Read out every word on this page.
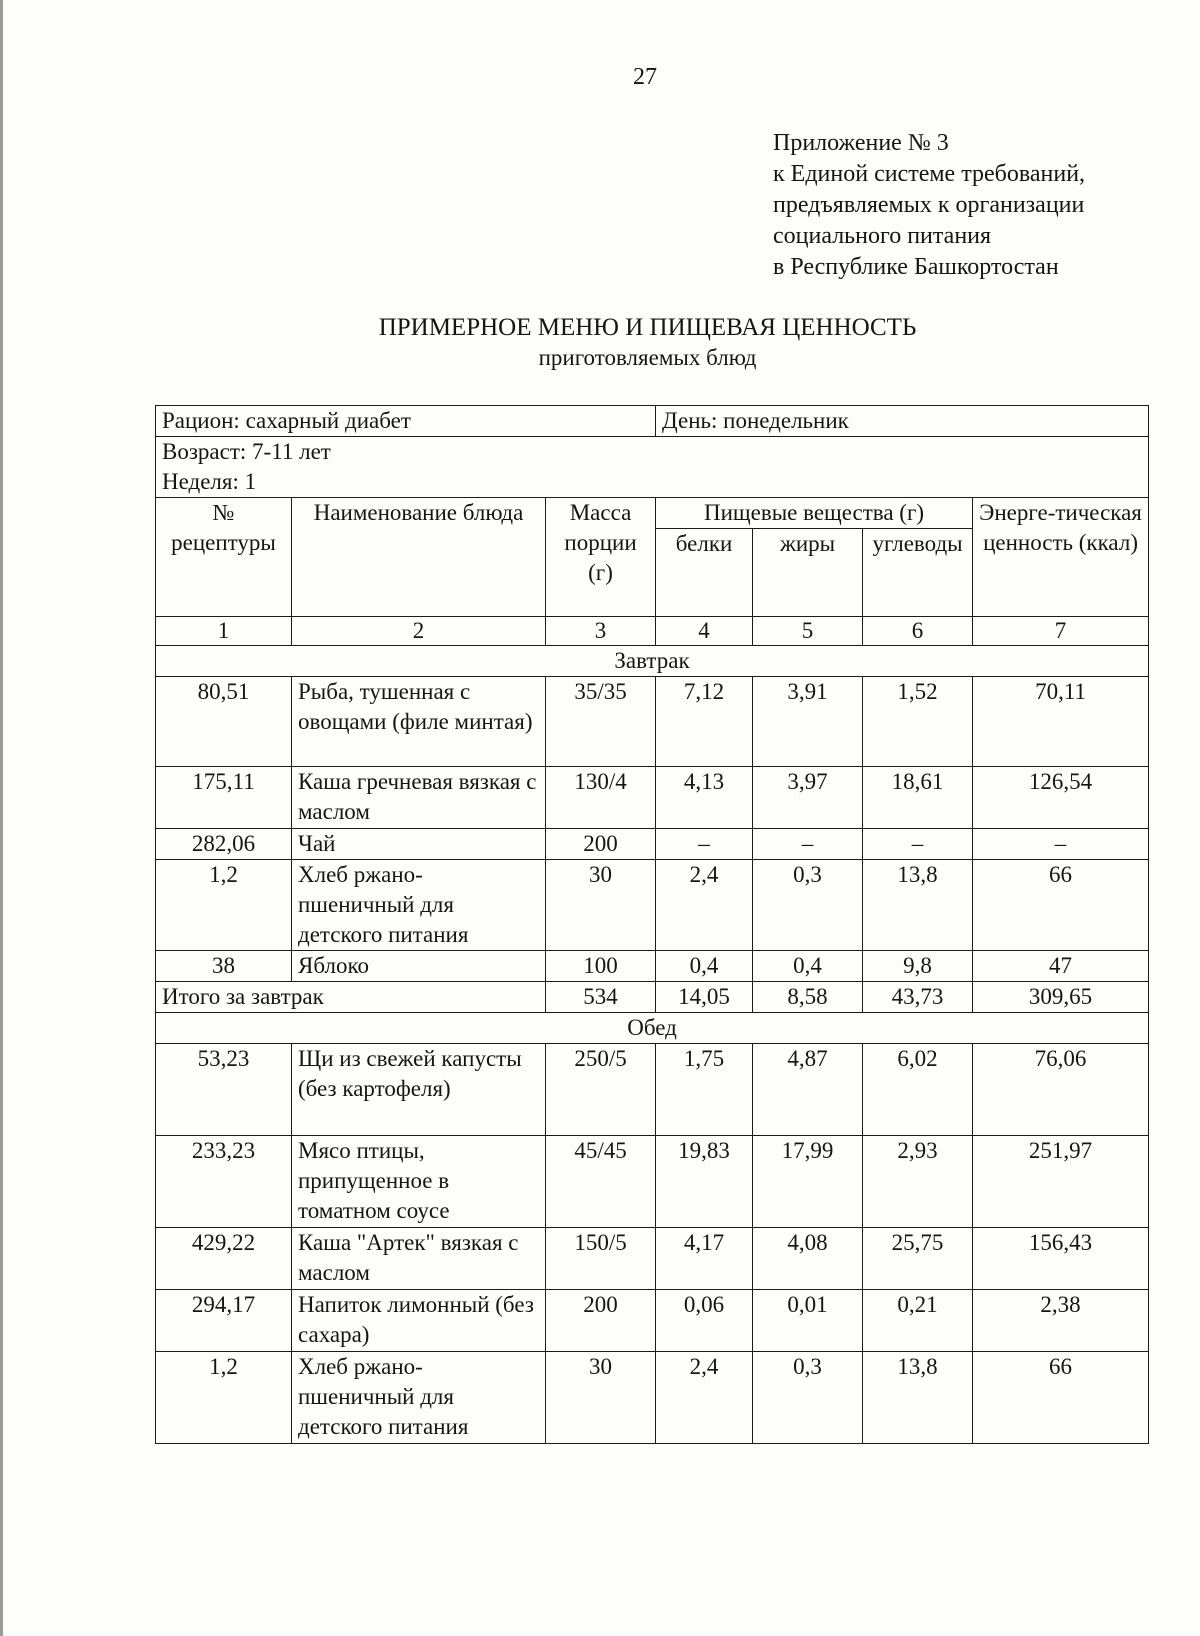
27
Приложение № 3
к Единой системе требований,
предъявляемых к организации
социального питания
в Республике Башкортостан
ПРИМЕРНОЕ МЕНЮ И ПИЩЕВАЯ ЦЕННОСТЬ
приготовляемых блюд
Рацион: сахарный диабет			День: понедельник			

Возраст: 7-11 лет
Неделя: 1						

№ рецептуры	Наименование блюда	Масса порции (г)	Пищевые вещества (г)			Энерге-тическая ценность (ккал)
			белки	жиры	углеводы	
1	2	3	4	5	6	7
Завтрак						
80,51	Рыба, тушенная с овощами (филе минтая)	35/35	7,12	3,91	1,52	70,11
175,11	Каша гречневая вязкая с маслом	130/4	4,13	3,97	18,61	126,54
282,06	Чай	200	–	–	–	–
1,2	Хлеб ржано-пшеничный для детского питания	30	2,4	0,3	13,8	66
38	Яблоко	100	0,4	0,4	9,8	47
Итого за завтрак		534	14,05	8,58	43,73	309,65
Обед						
53,23	Щи из свежей капусты (без картофеля)	250/5	1,75	4,87	6,02	76,06
233,23	Мясо птицы, припущенное в томатном соусе	45/45	19,83	17,99	2,93	251,97
429,22	Каша "Артек" вязкая с маслом	150/5	4,17	4,08	25,75	156,43
294,17	Напиток лимонный (без сахара)	200	0,06	0,01	0,21	2,38
1,2	Хлеб ржано-пшеничный для детского питания	30	2,4	0,3	13,8	66
